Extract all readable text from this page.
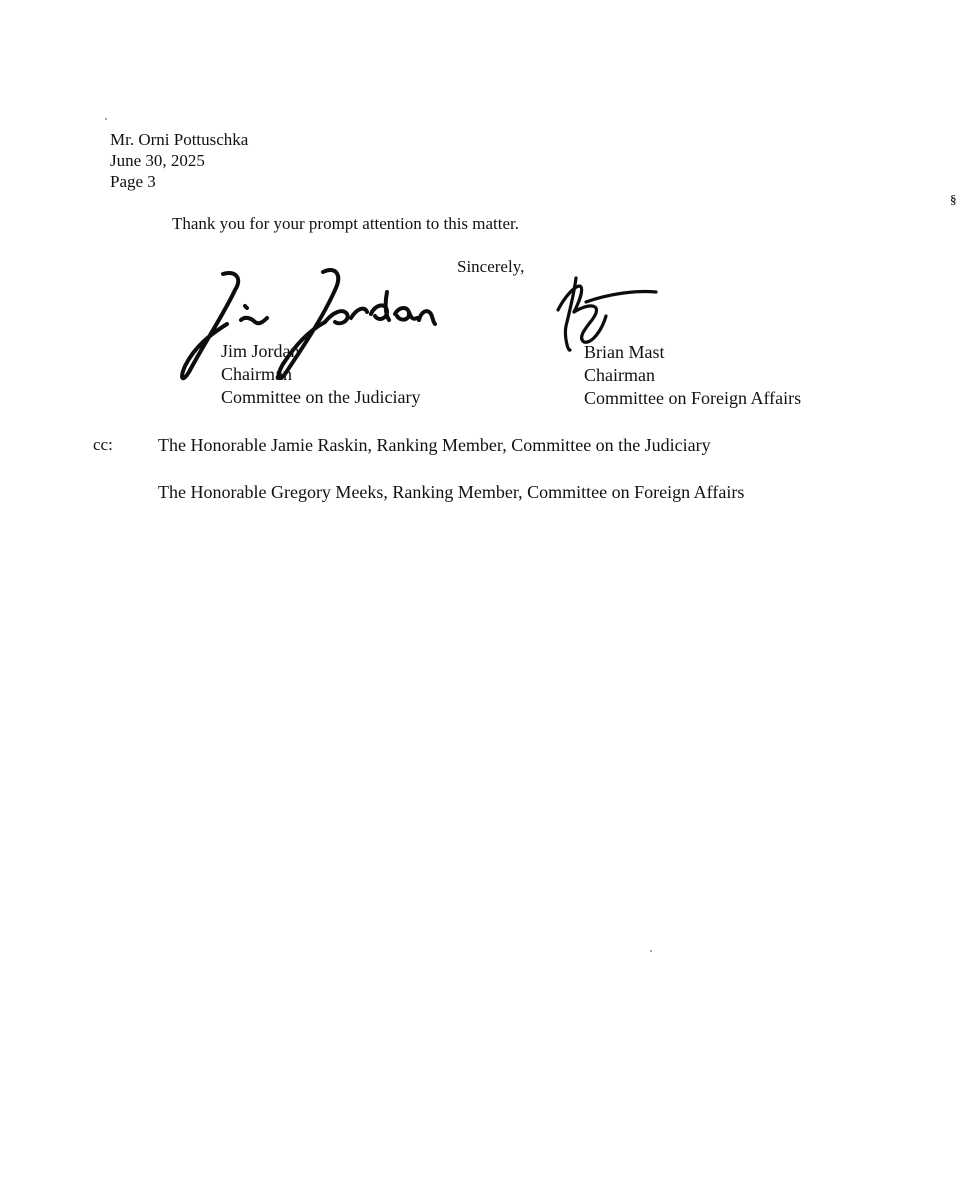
Mr. Orni Pottuschka
June 30, 2025
Page 3
§
Thank you for your prompt attention to this matter.
Sincerely,
Jim Jordan
Chairman
Committee on the Judiciary
Brian Mast
Chairman
Committee on Foreign Affairs
cc:	The Honorable Jamie Raskin, Ranking Member, Committee on the Judiciary
The Honorable Gregory Meeks, Ranking Member, Committee on Foreign Affairs
